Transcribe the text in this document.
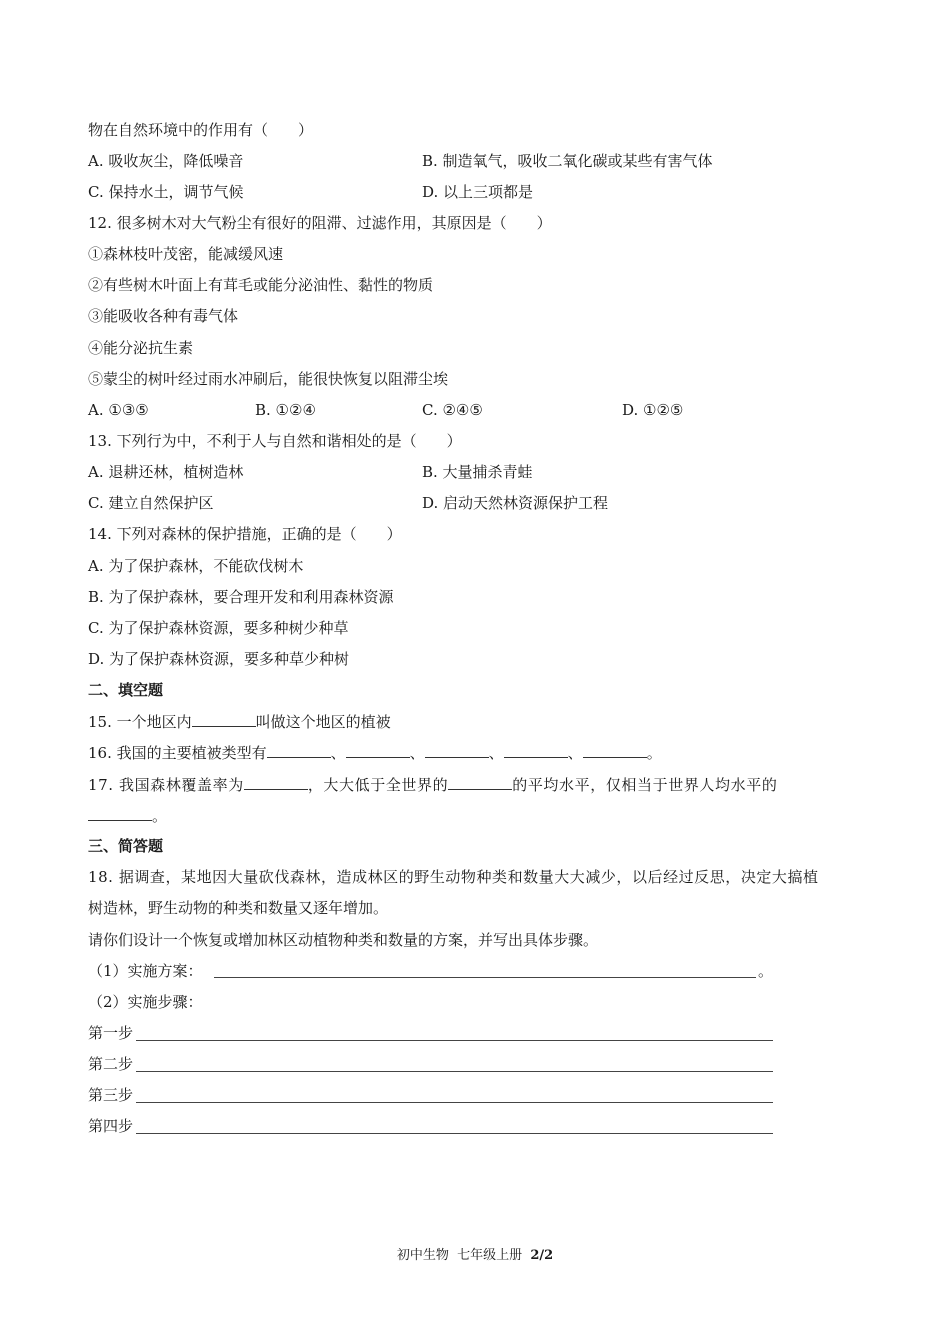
物在自然环境中的作用有（　　）
A. 吸收灰尘，降低噪音	B. 制造氧气，吸收二氧化碳或某些有害气体
C. 保持水土，调节气候	D. 以上三项都是
12. 很多树木对大气粉尘有很好的阻滞、过滤作用，其原因是（　　）
①森林枝叶茂密，能减缓风速
②有些树木叶面上有茸毛或能分泌油性、黏性的物质
③能吸收各种有毒气体
④能分泌抗生素
⑤蒙尘的树叶经过雨水冲刷后，能很快恢复以阻滞尘埃
A. ①③⑤	B. ①②④	C. ②④⑤	D. ①②⑤
13. 下列行为中，不利于人与自然和谐相处的是（　　）
A. 退耕还林，植树造林	B. 大量捕杀青蛙
C. 建立自然保护区	D. 启动天然林资源保护工程
14. 下列对森林的保护措施，正确的是（　　）
A. 为了保护森林，不能砍伐树木
B. 为了保护森林，要合理开发和利用森林资源
C. 为了保护森林资源，要多种树少种草
D. 为了保护森林资源，要多种草少种树
二、填空题
15. 一个地区内	叫做这个地区的植被
16. 我国的主要植被类型有	、	、	、	、	。
17. 我国森林覆盖率为	，大大低于全世界的	的平均水平，仅相当于世界人均水平的
。
三、简答题
18. 据调查，某地因大量砍伐森林，造成林区的野生动物种类和数量大大减少，以后经过反思，决定大搞植
树造林，野生动物的种类和数量又逐年增加。
请你们设计一个恢复或增加林区动植物种类和数量的方案，并写出具体步骤。
（1）实施方案：	。
（2）实施步骤：
第一步
第二步
第三步
第四步
初中生物  七年级上册  2/2
